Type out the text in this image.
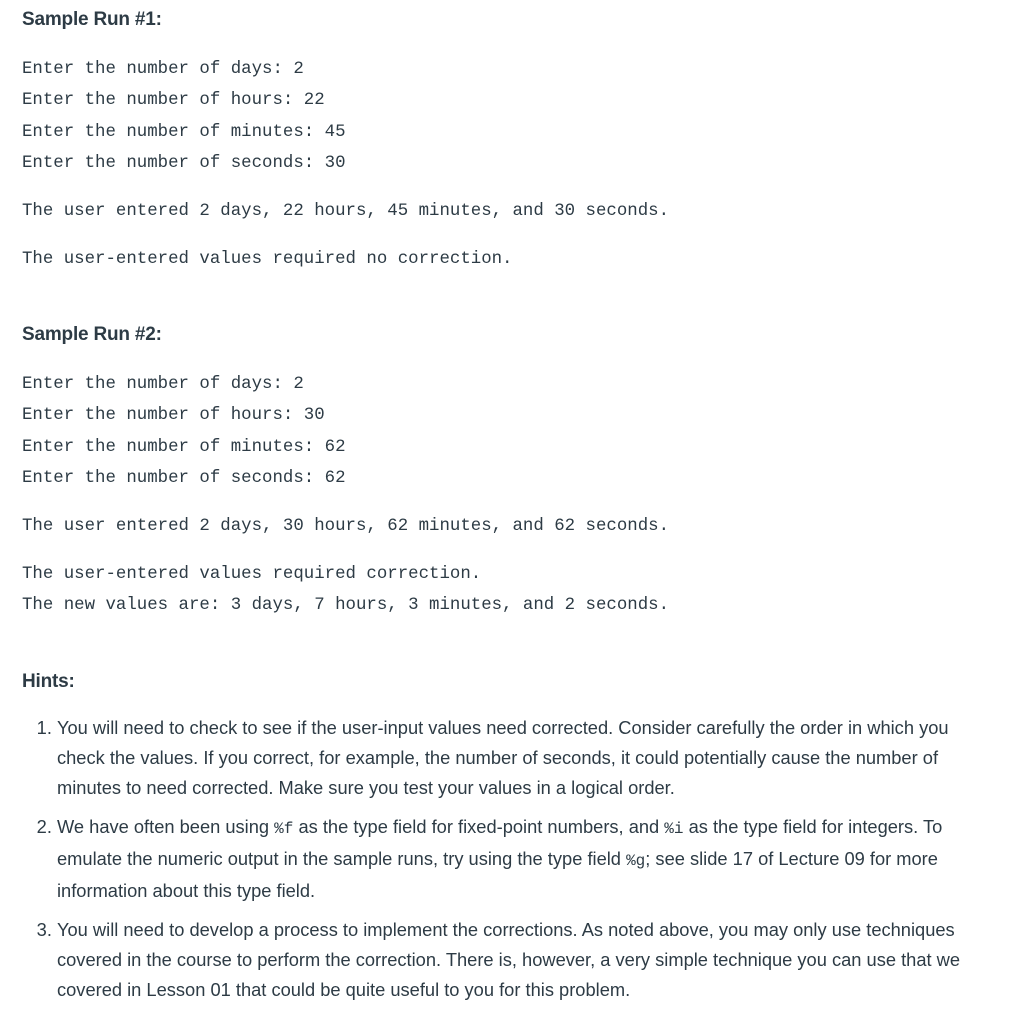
Sample Run #1:
Enter the number of days: 2
Enter the number of hours: 22
Enter the number of minutes: 45
Enter the number of seconds: 30
The user entered 2 days, 22 hours, 45 minutes, and 30 seconds.
The user-entered values required no correction.
Sample Run #2:
Enter the number of days: 2
Enter the number of hours: 30
Enter the number of minutes: 62
Enter the number of seconds: 62
The user entered 2 days, 30 hours, 62 minutes, and 62 seconds.
The user-entered values required correction.
The new values are: 3 days, 7 hours, 3 minutes, and 2 seconds.
Hints:
1. You will need to check to see if the user-input values need corrected. Consider carefully the order in which you check the values. If you correct, for example, the number of seconds, it could potentially cause the number of minutes to need corrected. Make sure you test your values in a logical order.
2. We have often been using %f as the type field for fixed-point numbers, and %i as the type field for integers. To emulate the numeric output in the sample runs, try using the type field %g; see slide 17 of Lecture 09 for more information about this type field.
3. You will need to develop a process to implement the corrections. As noted above, you may only use techniques covered in the course to perform the correction. There is, however, a very simple technique you can use that we covered in Lesson 01 that could be quite useful to you for this problem.
